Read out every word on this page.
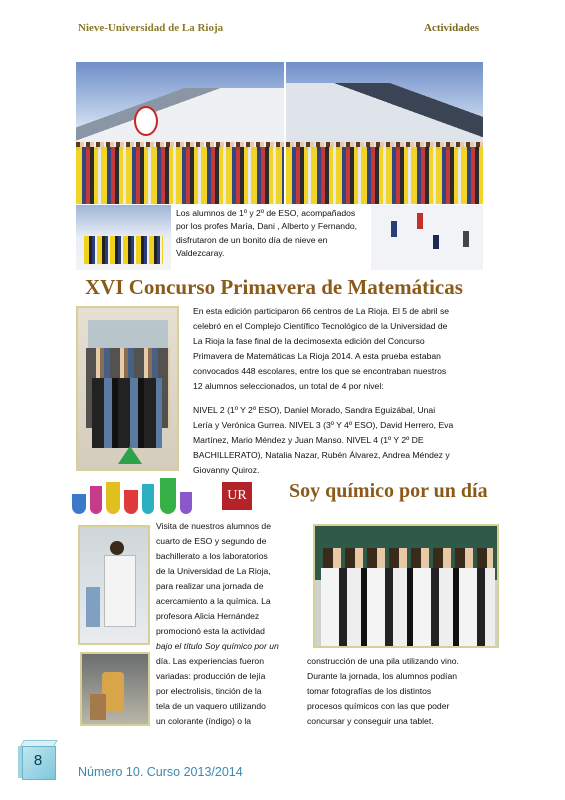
Nieve-Universidad de La Rioja	Actividades
Los alumnos de 1º y 2º de ESO, acompañados
por los profes María, Dani , Alberto y Fernando,
disfrutaron de un bonito día de nieve en
Valdezcaray.
XVI Concurso Primavera de Matemáticas
En esta edición participaron 66 centros de La Rioja. El 5 de abril se
celebró en el Complejo Científico Tecnológico de la Universidad de
La Rioja la fase final de la decimosexta edición del Concurso
Primavera de Matemáticas La Rioja 2014. A esta prueba estaban
convocados 448 escolares, entre los que se encontraban nuestros
12 alumnos seleccionados, un total de 4 por nivel:
NIVEL 2 (1º Y 2º ESO), Daniel Morado, Sandra Eguizábal, Unai
Lería y Verónica Gurrea. NIVEL 3 (3º Y 4º ESO), David Herrero, Eva
Martínez, Mario Méndez y Juan Manso. NIVEL 4 (1º Y 2º DE
BACHILLERATO), Natalia Nazar, Rubén Álvarez, Andrea Méndez y
Giovanny Quiroz.
UR Soy químico por un día
Visita de nuestros alumnos de
cuarto de ESO y segundo de
bachillerato a los laboratorios
de la Universidad de La Rioja,
para realizar una jornada de
acercamiento a la química. La
profesora Alicia Hernández
promocionó esta la actividad
bajo el título Soy químico por un
día. Las experiencias fueron
variadas: producción de lejía
por electrolisis, tinción de la
tela de un vaquero utilizando
un colorante (índigo) o la
construcción de una pila utilizando vino.
Durante la jornada, los alumnos podían
tomar fotografías de los distintos
procesos químicos con las que poder
concursar y conseguir una tablet.
8
Número 10. Curso 2013/2014
